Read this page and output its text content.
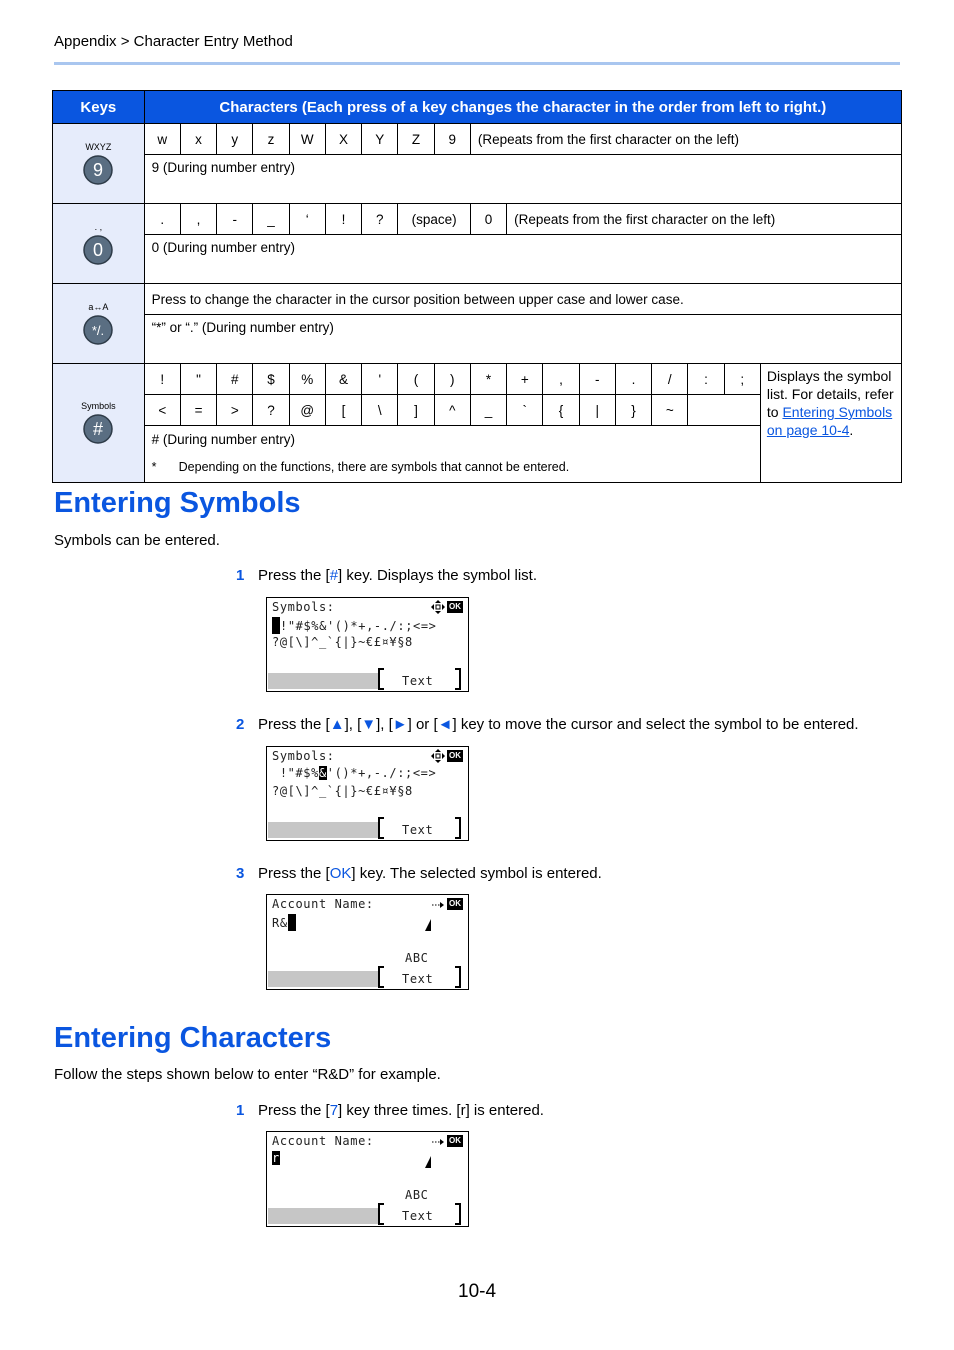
Appendix > Character Entry Method
Keys	Characters (Each press of a key changes the character in the order from left to right.)																	

WXYZ
9	w	x	y	z	W	X	Y	Z	9	(Repeats from the first character on the left)								
	9 (During number entry)																	

. ,
0	.	,	-	_	‘	!	?	(space)		0	(Repeats from the first character on the left)							
	0 (During number entry)																	

a↔A
*/.	Press to change the character in the cursor position between upper case and lower case.																	
	“*” or “.” (During number entry)																	

Symbols
#	!	"	#	$	%	&	'	(	)	*	+	,	-	.	/	:	;	Displays the symbol list. For details, refer to Entering Symbols on page 10-4.
	<	=	>	?	@	[	\	]	^	_	`	{	|	}	~			
	# (During number entry)																	
	* Depending on the functions, there are symbols that cannot be entered.																	
Entering Symbols
Symbols can be entered.
1 Press the [#] key. Displays the symbol list.
Symbols:	OK
!"#$%&'()*+,-./:;<=>
?@[\]^_`{|}~€£¤¥§8
Text
2 Press the [▲], [▼], [►] or [◄] key to move the cursor and select the symbol to be entered.
Symbols:	OK
!"#$%&'()*+,-./:;<=>
?@[\]^_`{|}~€£¤¥§8
Text
3 Press the [OK] key. The selected symbol is entered.
Account Name:	OK
R&
ABC
Text
Entering Characters
Follow the steps shown below to enter “R&D” for example.
1 Press the [7] key three times. [r] is entered.
Account Name:	OK
r
ABC
Text
10-4
